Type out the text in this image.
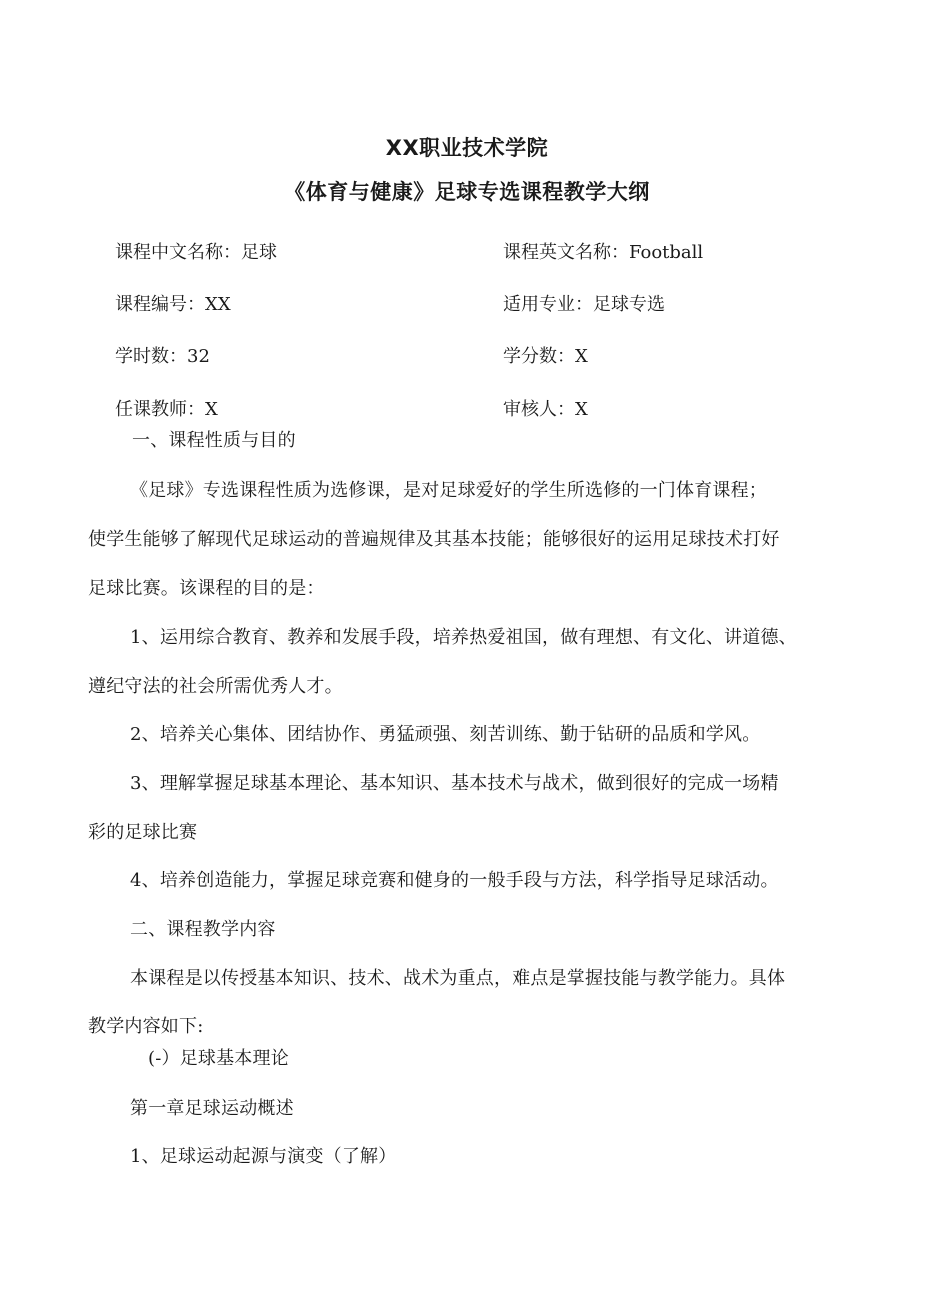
XX职业技术学院
《体育与健康》足球专选课程教学大纲
课程中文名称：足球	课程英文名称：Football
课程编号：XX	适用专业：足球专选
学时数：32	学分数：X
任课教师：X	审核人：X
一、课程性质与目的
《足球》专选课程性质为选修课，是对足球爱好的学生所选修的一门体育课程；
使学生能够了解现代足球运动的普遍规律及其基本技能；能够很好的运用足球技术打好
足球比赛。该课程的目的是：
1、运用综合教育、教养和发展手段，培养热爱祖国，做有理想、有文化、讲道德、
遵纪守法的社会所需优秀人才。
2、培养关心集体、团结协作、勇猛顽强、刻苦训练、勤于钻研的品质和学风。
3、理解掌握足球基本理论、基本知识、基本技术与战术，做到很好的完成一场精
彩的足球比赛
4、培养创造能力，掌握足球竞赛和健身的一般手段与方法，科学指导足球活动。
二、课程教学内容
本课程是以传授基本知识、技术、战术为重点，难点是掌握技能与教学能力。具体
教学内容如下:
(-）足球基本理论
第一章足球运动概述
1、足球运动起源与演变（了解）
